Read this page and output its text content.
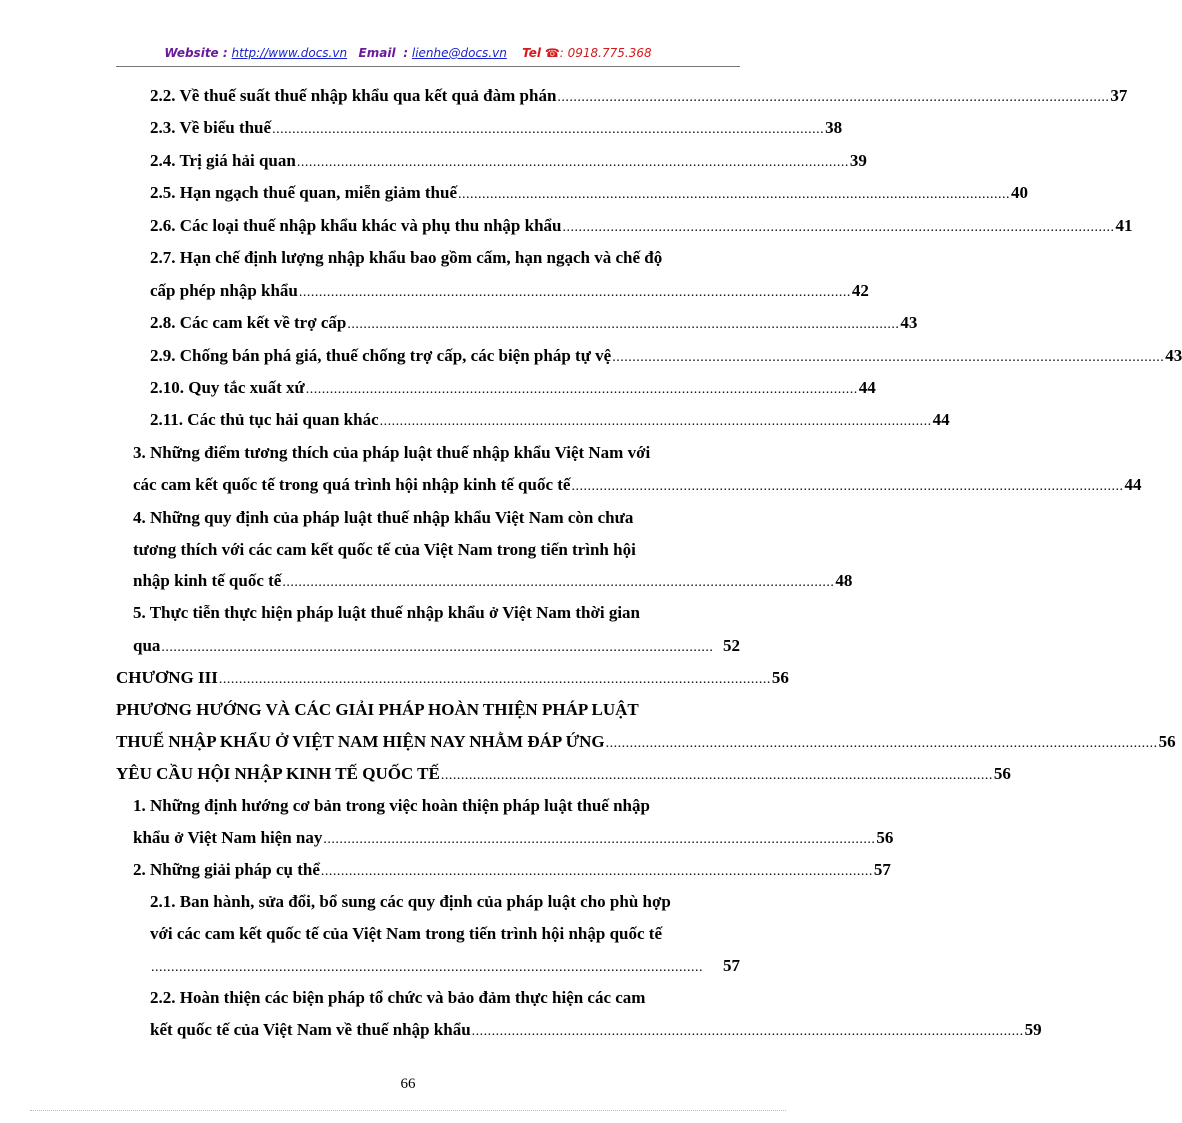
Website : http://www.docs.vn Email : lienhe@docs.vn Tel ☎: 0918.775.368
2.2. Về thuế suất thuế nhập khẩu qua kết quả đàm phán .......................................................................................................................................... 37
2.3. Về biểu thuế .......................................................................................................................................... 38
2.4. Trị giá hải quan .......................................................................................................................................... 39
2.5. Hạn ngạch thuế quan, miễn giảm thuế .......................................................................................................................................... 40
2.6. Các loại thuế nhập khẩu khác và phụ thu nhập khẩu .......................................................................................................................................... 41
2.7. Hạn chế định lượng nhập khẩu bao gồm cấm, hạn ngạch và chế độ
cấp phép nhập khẩu .......................................................................................................................................... 42
2.8. Các cam kết về trợ cấp .......................................................................................................................................... 43
2.9. Chống bán phá giá, thuế chống trợ cấp, các biện pháp tự vệ .......................................................................................................................................... 43
2.10. Quy tắc xuất xứ .......................................................................................................................................... 44
2.11. Các thủ tục hải quan khác .......................................................................................................................................... 44
3. Những điểm tương thích của pháp luật thuế nhập khẩu Việt Nam với
các cam kết quốc tế trong quá trình hội nhập kinh tế quốc tế .......................................................................................................................................... 44
4. Những quy định của pháp luật thuế nhập khẩu Việt Nam còn chưa
tương thích với các cam kết quốc tế của Việt Nam trong tiến trình hội
nhập kinh tế quốc tế .......................................................................................................................................... 48
5. Thực tiễn thực hiện pháp luật thuế nhập khẩu ở Việt Nam thời gian
qua .......................................................................................................................................... 52
CHƯƠNG III .......................................................................................................................................... 56
PHƯƠNG HƯỚNG VÀ CÁC GIẢI PHÁP HOÀN THIỆN PHÁP LUẬT
THUẾ NHẬP KHẨU Ở VIỆT NAM HIỆN NAY NHẰM ĐÁP ỨNG .......................................................................................................................................... 56
YÊU CẦU HỘI NHẬP KINH TẾ QUỐC TẾ .......................................................................................................................................... 56
1. Những định hướng cơ bản trong việc hoàn thiện pháp luật thuế nhập
khẩu ở Việt Nam hiện nay .......................................................................................................................................... 56
2. Những giải pháp cụ thể .......................................................................................................................................... 57
2.1. Ban hành, sửa đổi, bổ sung các quy định của pháp luật cho phù hợp
với các cam kết quốc tế của Việt Nam trong tiến trình hội nhập quốc tế
..........................................................................................................................................	57
2.2. Hoàn thiện các biện pháp tổ chức và bảo đảm thực hiện các cam
kết quốc tế của Việt Nam về thuế nhập khẩu .......................................................................................................................................... 59
66
